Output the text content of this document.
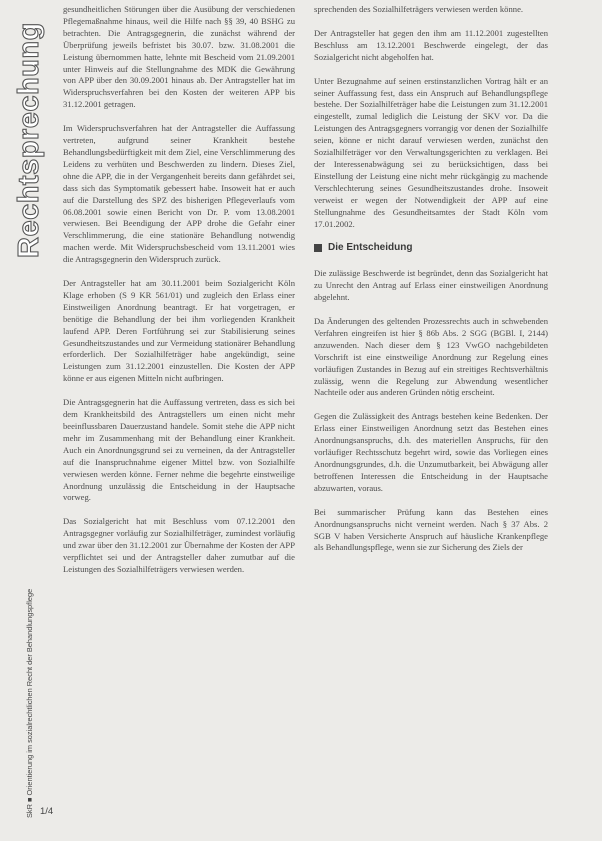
Rechtsprechung
SkR ■ Orientierung im sozialrechtlichen Recht der Behandlungspflege

gesundheitlichen Störungen über die Ausübung der verschiedenen Pflegemaßnahme hinaus, weil die Hilfe nach §§ 39, 40 BSHG zu betrachten. Die Antragsgegnerin, die zunächst während der Überprüfung jeweils befristet bis 30.07. bzw. 31.08.2001 die Leistung übernommen hatte, lehnte mit Bescheid vom 21.09.2001 unter Hinweis auf die Stellungnahme des MDK die Gewährung von APP über den 30.09.2001 hinaus ab. Der Antragsteller hat im Widerspruchsverfahren bei den Kosten der weiteren APP bis 31.12.2001 getragen.

Im Widerspruchsverfahren hat der Antragsteller die Auffassung vertreten, aufgrund seiner Krankheit bestehe Behandlungsbedürftigkeit mit dem Ziel, eine Verschlimmerung des Leidens zu verhüten und Beschwerden zu lindern. Dieses Ziel, ohne die APP, die in der Vergangenheit bereits dann gefährdet sei, dass sich das Symptomatik gebessert habe. Insoweit hat er auch auf die Darstellung des SPZ des bisherigen Pflegeverlaufs vom 06.08.2001 sowie einen Bericht von Dr. P. vom 13.08.2001 verwiesen. Bei Beendigung der APP drohe die Gefahr einer Verschlimmerung, die eine stationäre Behandlung notwendig machen werde. Mit Widerspruchsbescheid vom 13.11.2001 wies die Antragsgegnerin den Widerspruch zurück.

Der Antragsteller hat am 30.11.2001 beim Sozialgericht Köln Klage erhoben (S 9 KR 561/01) und zugleich den Erlass einer Einstweiligen Anordnung beantragt. Er hat vorgetragen, er benötige die Behandlung der bei ihm vorliegenden Krankheit laufend APP. Deren Fortführung sei zur Stabilisierung seines Gesundheitszustandes und zur Vermeidung stationärer Behandlung erforderlich. Der Sozialhilfeträger habe angekündigt, seine Leistungen zum 31.12.2001 einzustellen. Die Kosten der APP könne er aus eigenen Mitteln nicht aufbringen.

Die Antragsgegnerin hat die Auffassung vertreten, dass es sich bei dem Krankheitsbild des Antragstellers um einen nicht mehr beeinflussbaren Dauerzustand handele. Somit stehe die APP nicht mehr im Zusammenhang mit der Behandlung einer Krankheit. Auch ein Anordnungsgrund sei zu verneinen, da der Antragsteller auf die Inanspruchnahme eigener Mittel bzw. von Sozialhilfe verwiesen werden könne. Ferner nehme die begehrte einstweilige Anordnung unzulässig die Entscheidung in der Hauptsache vorweg.

Das Sozialgericht hat mit Beschluss vom 07.12.2001 den Antragsgegner vorläufig zur Sozialhilfeträger, zumindest vorläufig und zwar über den 31.12.2001 zur Übernahme der Kosten der APP verpflichtet sei und der Antragsteller daher zumutbar auf die Leistungen des Sozialhilfeträgers verwiesen werden.

sprechenden des Sozialhilfeträgers verwiesen werden könne.

Der Antragsteller hat gegen den ihm am 11.12.2001 zugestellten Beschluss am 13.12.2001 Beschwerde eingelegt, der das Sozialgericht nicht abgeholfen hat.

Unter Bezugnahme auf seinen erstinstanzlichen Vortrag hält er an seiner Auffassung fest, dass ein Anspruch auf Behandlungspflege bestehe. Der Sozialhilfeträger habe die Leistungen zum 31.12.2001 eingestellt, zumal lediglich die Leistung der SKV vor. Da die Leistungen des Antragsgegners vorrangig vor denen der Sozialhilfe seien, könne er nicht darauf verwiesen werden, zunächst den Sozialhilfeträger vor den Verwaltungsgerichten zu verklagen. Bei der Interessenabwägung sei zu berücksichtigen, dass bei Einstellung der Leistung eine nicht mehr rückgängig zu machende Verschlechterung seines Gesundheitszustandes drohe. Insoweit verweist er wegen der Notwendigkeit der APP auf eine Stellungnahme des Gesundheitsamtes der Stadt Köln vom 17.01.2002.

Die Entscheidung

Die zulässige Beschwerde ist begründet, denn das Sozialgericht hat zu Unrecht den Antrag auf Erlass einer einstweiligen Anordnung abgelehnt.

Da Änderungen des geltenden Prozessrechts auch in schwebenden Verfahren eingreifen ist hier § 86b Abs. 2 SGG (BGBl. I, 2144) anzuwenden. Nach dieser dem § 123 VwGO nachgebildeten Vorschrift ist eine einstweilige Anordnung zur Regelung eines vorläufigen Zustandes in Bezug auf ein streitiges Rechtsverhältnis zulässig, wenn die Regelung zur Abwendung wesentlicher Nachteile oder aus anderen Gründen nötig erscheint.

Gegen die Zulässigkeit des Antrags bestehen keine Bedenken. Der Erlass einer Einstweiligen Anordnung setzt das Bestehen eines Anordnungsanspruchs, d.h. des materiellen Anspruchs, für den vorläufiger Rechtsschutz begehrt wird, sowie das Vorliegen eines Anordnungsgrundes, d.h. die Unzumutbarkeit, bei Abwägung aller betroffenen Interessen die Entscheidung in der Hauptsache abzuwarten, voraus.

Bei summarischer Prüfung kann das Bestehen eines Anordnungsanspruchs nicht verneint werden. Nach § 37 Abs. 2 SGB V haben Versicherte Anspruch auf häusliche Krankenpflege als Behandlungspflege, wenn sie zur Sicherung des Ziels der

1/4
